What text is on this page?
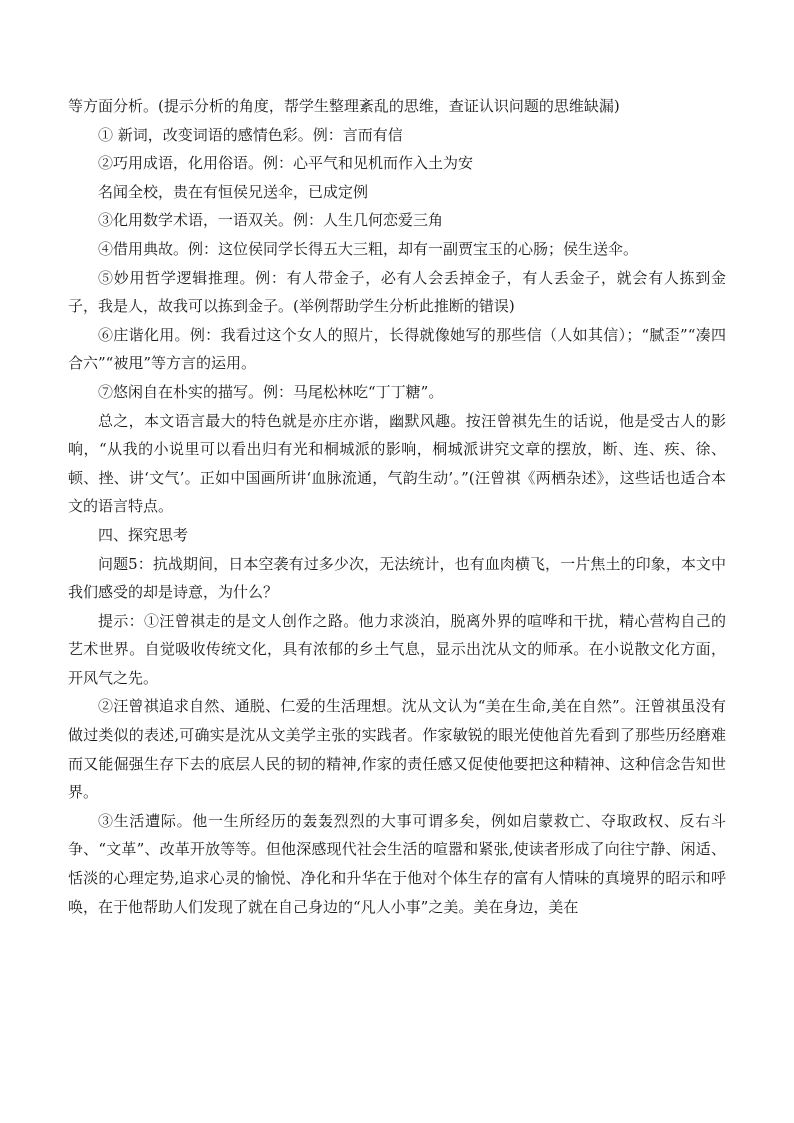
等方面分析。(提示分析的角度，帮学生整理紊乱的思维，查证认识问题的思维缺漏)

① 新词，改变词语的感情色彩。例：言而有信

②巧用成语，化用俗语。例：心平气和见机而作入土为安

名闻全校，贵在有恒侯兄送伞，已成定例

③化用数学术语，一语双关。例：人生几何恋爱三角

④借用典故。例：这位侯同学长得五大三粗，却有一副贾宝玉的心肠；侯生送伞。

⑤妙用哲学逻辑推理。例：有人带金子，必有人会丢掉金子，有人丢金子，就会有人拣到金子，我是人，故我可以拣到金子。(举例帮助学生分析此推断的错误)

⑥庄谐化用。例：我看过这个女人的照片，长得就像她写的那些信（人如其信）；“腻歪”“凑四合六”“被甩”等方言的运用。

⑦悠闲自在朴实的描写。例：马尾松林吃“丁丁糖”。

总之，本文语言最大的特色就是亦庄亦谐，幽默风趣。按汪曾祺先生的话说，他是受古人的影响，“从我的小说里可以看出归有光和桐城派的影响，桐城派讲究文章的摆放，断、连、疾、徐、顿、挫、讲‘文气’。正如中国画所讲‘血脉流通，气韵生动’。”(汪曾祺《两栖杂述》，这些话也适合本文的语言特点。

四、探究思考

问题5：抗战期间，日本空袭有过多少次，无法统计，也有血肉横飞，一片焦土的印象，本文中我们感受的却是诗意，为什么？

提示：①汪曾祺走的是文人创作之路。他力求淡泊，脱离外界的喧哗和干扰，精心营构自己的艺术世界。自觉吸收传统文化，具有浓郁的乡土气息，显示出沈从文的师承。在小说散文化方面，开风气之先。

②汪曾祺追求自然、通脱、仁爱的生活理想。沈从文认为“美在生命,美在自然”。汪曾祺虽没有做过类似的表述,可确实是沈从文美学主张的实践者。作家敏锐的眼光使他首先看到了那些历经磨难而又能倔强生存下去的底层人民的韧的精神,作家的责任感又促使他要把这种精神、这种信念告知世界。

③生活遭际。他一生所经历的轰轰烈烈的大事可谓多矣，例如启蒙救亡、夺取政权、反右斗争、“文革”、改革开放等等。但他深感现代社会生活的喧嚣和紧张,使读者形成了向往宁静、闲适、恬淡的心理定势,追求心灵的愉悦、净化和升华在于他对个体生存的富有人情味的真境界的昭示和呼唤，在于他帮助人们发现了就在自己身边的“凡人小事”之美。美在身边，美在
